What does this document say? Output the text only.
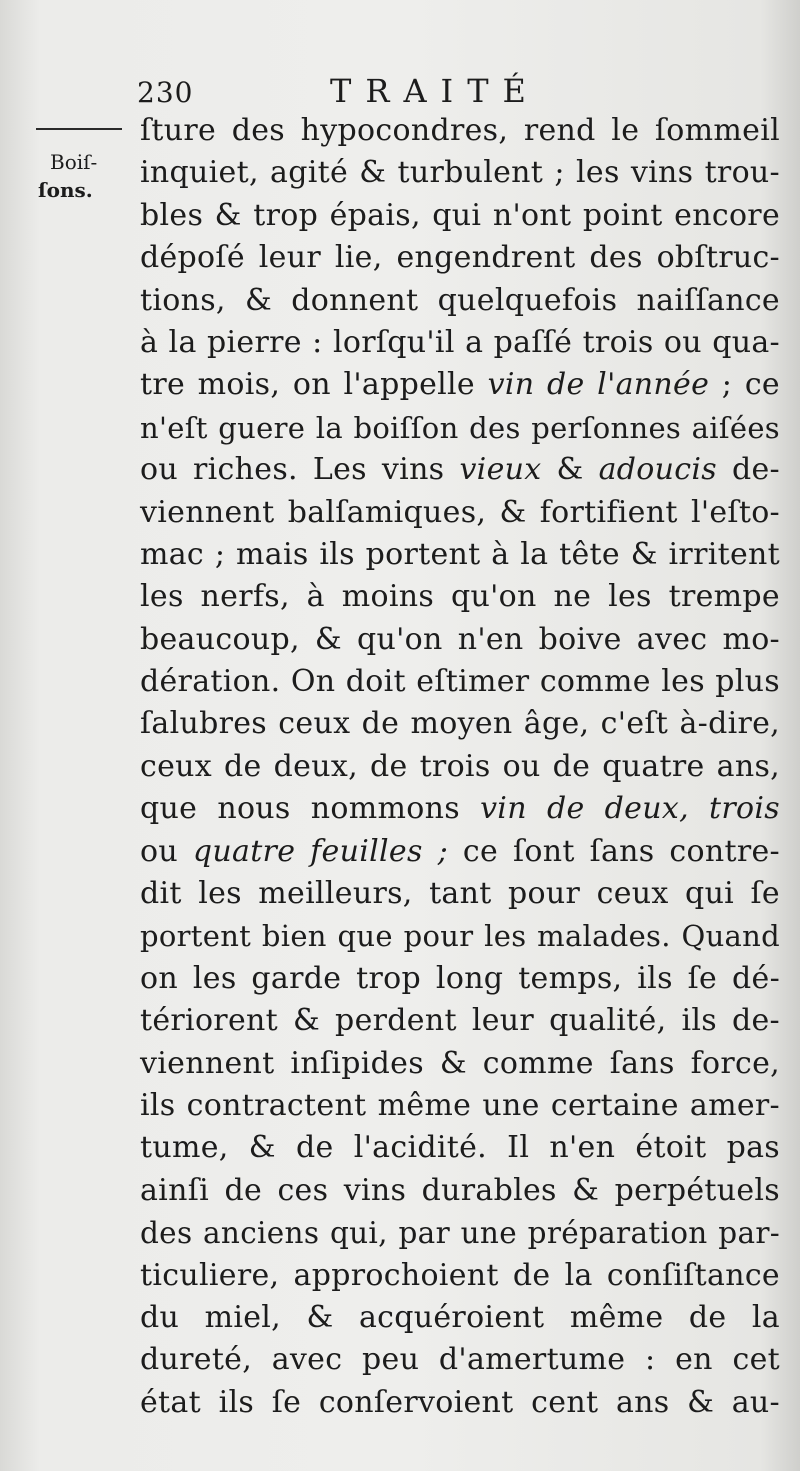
230	TRAITÉ
Boiſ-
ſons.
ſture des hypocondres, rend le ſommeil
inquiet, agité & turbulent ; les vins trou-
bles & trop épais, qui n'ont point encore
dépoſé leur lie, engendrent des obſtruc-
tions, & donnent quelquefois naiſſance
à la pierre : lorſqu'il a paſſé trois ou qua-
tre mois, on l'appelle vin de l'année ; ce
n'eſt guere la boiſſon des perſonnes aiſées
ou riches. Les vins vieux & adoucis de-
viennent balſamiques, & fortifient l'eſto-
mac ; mais ils portent à la tête & irritent
les nerfs, à moins qu'on ne les trempe
beaucoup, & qu'on n'en boive avec mo-
dération. On doit eſtimer comme les plus
ſalubres ceux de moyen âge, c'eſt à-dire,
ceux de deux, de trois ou de quatre ans,
que nous nommons vin de deux, trois
ou quatre feuilles ; ce ſont ſans contre-
dit les meilleurs, tant pour ceux qui ſe
portent bien que pour les malades. Quand
on les garde trop long temps, ils ſe dé-
tériorent & perdent leur qualité, ils de-
viennent inſipides & comme ſans force,
ils contractent même une certaine amer-
tume, & de l'acidité. Il n'en étoit pas
ainſi de ces vins durables & perpétuels
des anciens qui, par une préparation par-
ticuliere, approchoient de la conſiſtance
du miel, & acquéroient même de la
dureté, avec peu d'amertume : en cet
état ils ſe conſervoient cent ans & au-
